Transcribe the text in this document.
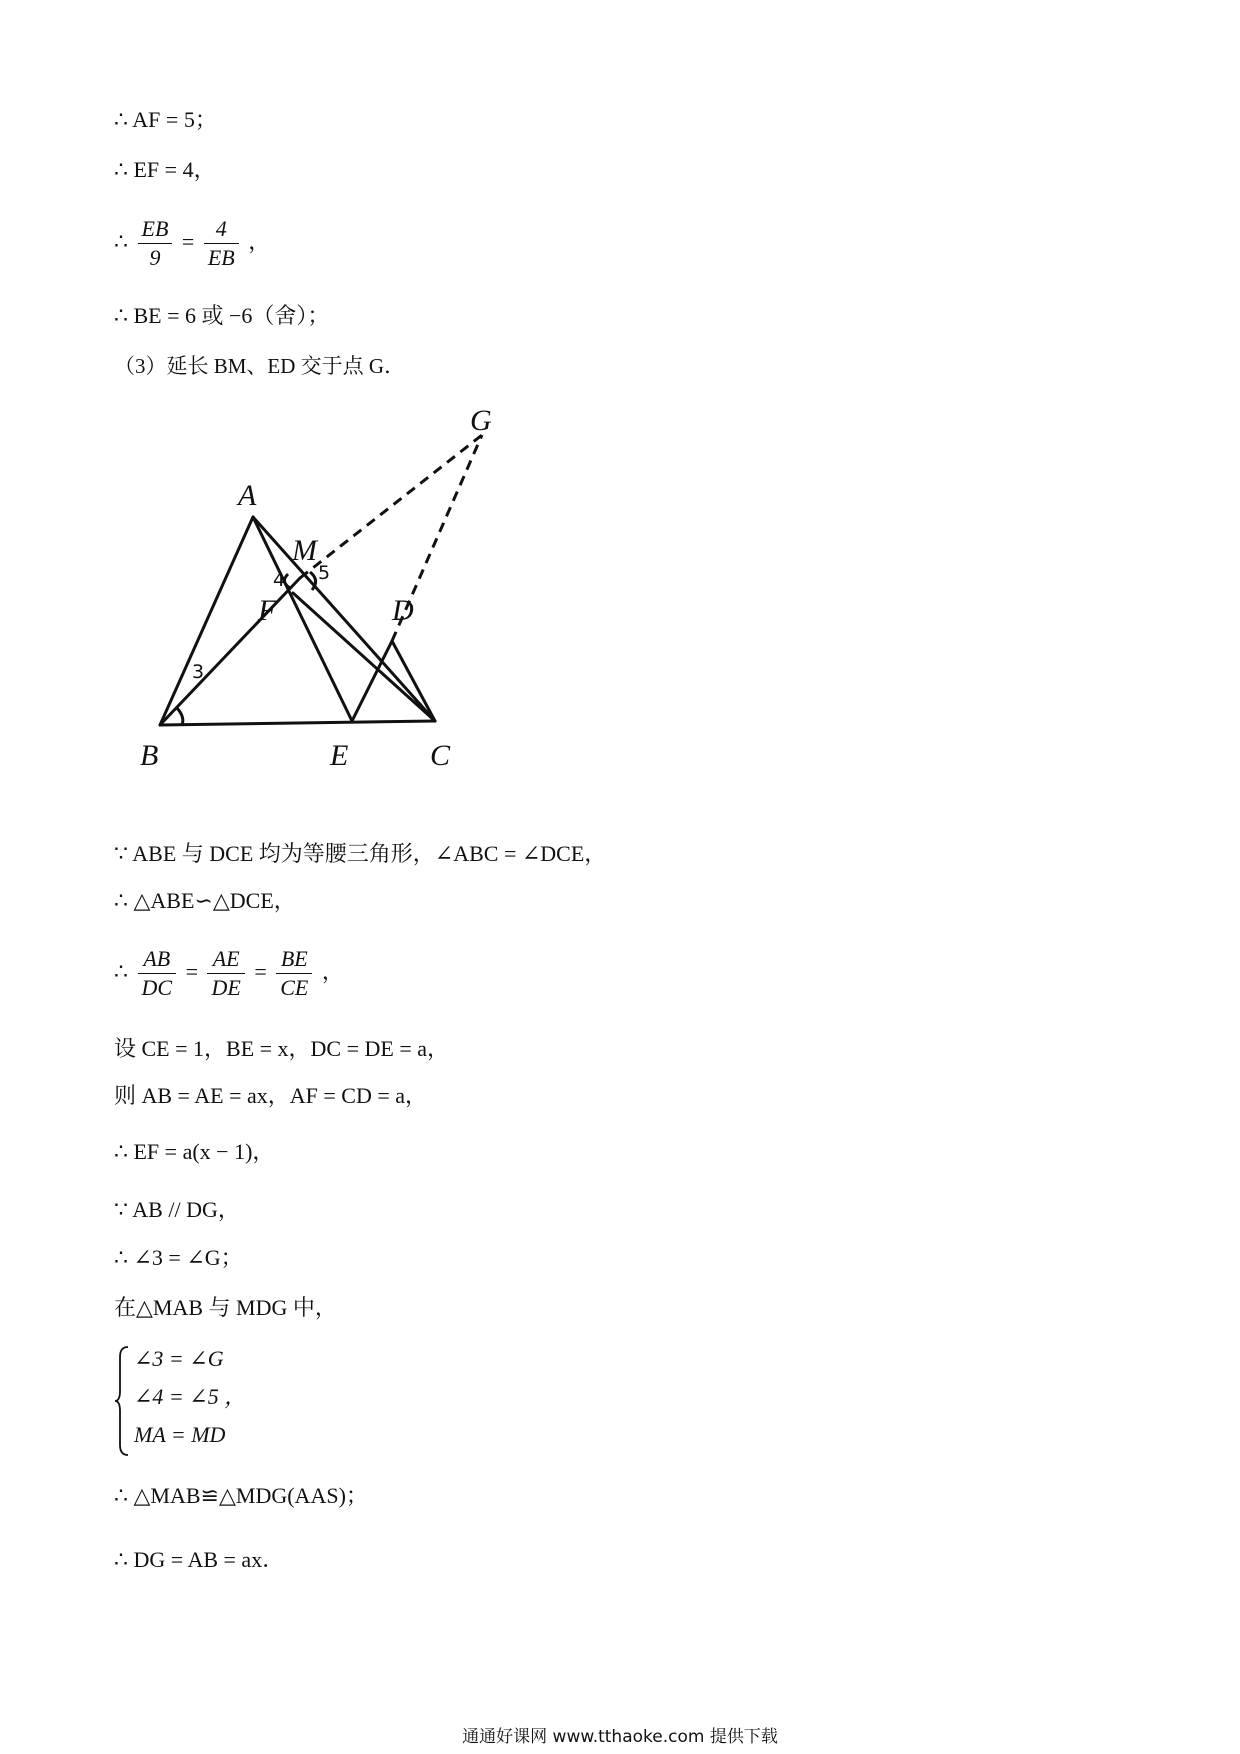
∴ AF = 5；
∴ EF = 4，
∴ $\frac{EB}{9} = \frac{4}{EB}$ ，
∴ BE = 6 或 −6（舍）；
（3）延长 BM、ED 交于点 G．
A
B	C
D
E
F
G
M
3
4 5
∵ ABE 与 DCE 均为等腰三角形，∠ABC = ∠DCE，
∴ △ABE∽△DCE，
∴ $\frac{AB}{DC} = \frac{AE}{DE} = \frac{BE}{CE}$ ，
设 CE = 1，BE = x，DC = DE = a，
则 AB = AE = ax，AF = CD = a，
∴ EF = a(x − 1)，
∵ AB // DG，
∴ ∠3 = ∠G；
在△MAB 与 MDG 中，
∠3 = ∠G
∠4 = ∠5 ，
MA = MD
∴ △MAB≌△MDG(AAS)；
∴ DG = AB = ax．
通通好课网 www.tthaoke.com 提供下载
